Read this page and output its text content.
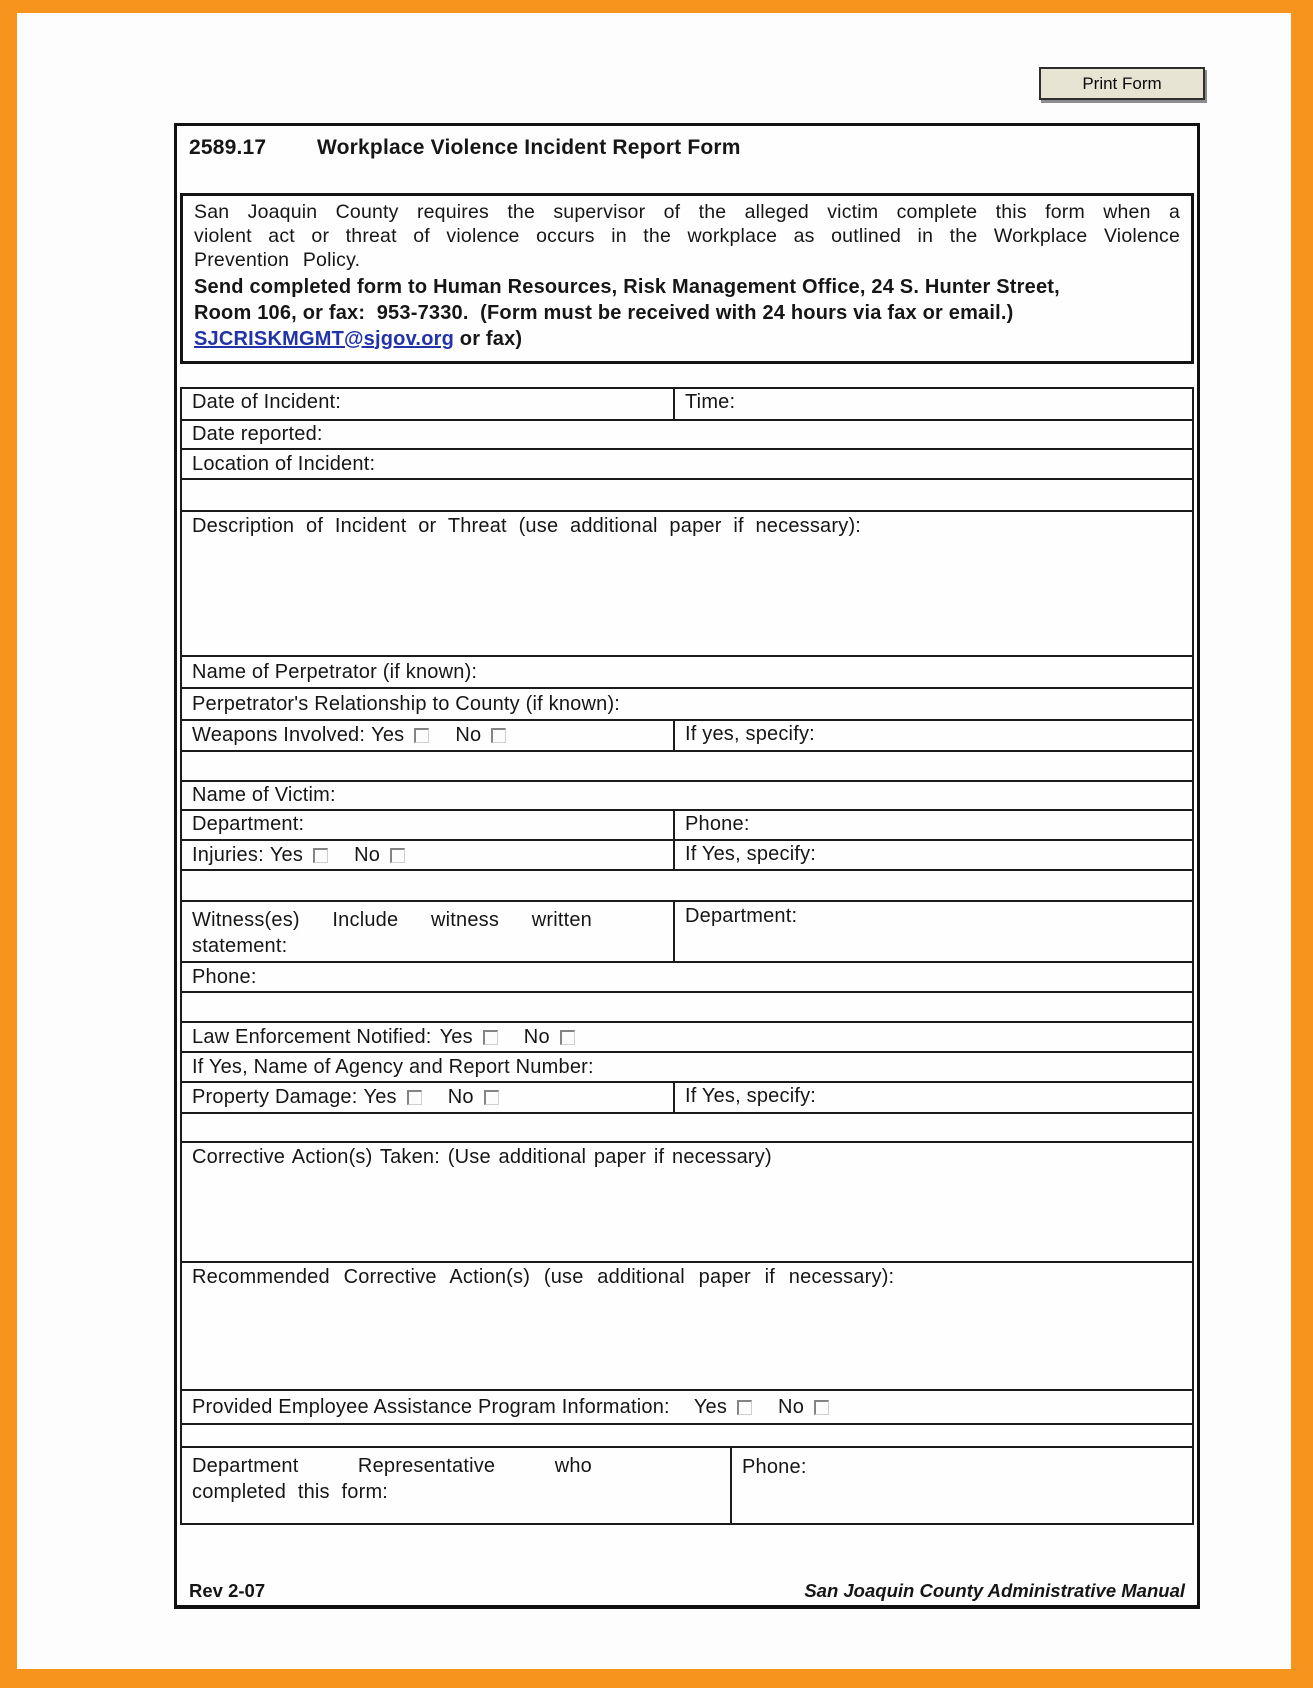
Print Form
2589.17	Workplace Violence Incident Report Form

San Joaquin County requires the supervisor of the alleged victim complete this form when a violent act or threat of violence occurs in the workplace as outlined in the Workplace Violence Prevention Policy.

Send completed form to Human Resources, Risk Management Office, 24 S. Hunter Street,
Room 106, or fax:  953-7330.  (Form must be received with 24 hours via fax or email.)
SJCRISKMGMT@sjgov.org or fax)
Date of Incident:	Time:
Date reported:
Location of Incident:
Description of Incident or Threat (use additional paper if necessary):
Name of Perpetrator (if known):
Perpetrator's Relationship to County (if known):
Weapons Involved: Yes	No	If yes, specify:
Name of Victim:
Department:	Phone:
Injuries: Yes	No	If Yes, specify:
Witness(es) Include witness written statement:
Department:
Phone:
Law Enforcement Notified: Yes	No
If Yes, Name of Agency and Report Number:
Property Damage: Yes	No	If Yes, specify:
Corrective Action(s) Taken: (Use additional paper if necessary)
Recommended Corrective Action(s) (use additional paper if necessary):
Provided Employee Assistance Program Information: Yes	No
Department Representative who completed this form:
Phone:
Rev 2-07	San Joaquin County Administrative Manual
